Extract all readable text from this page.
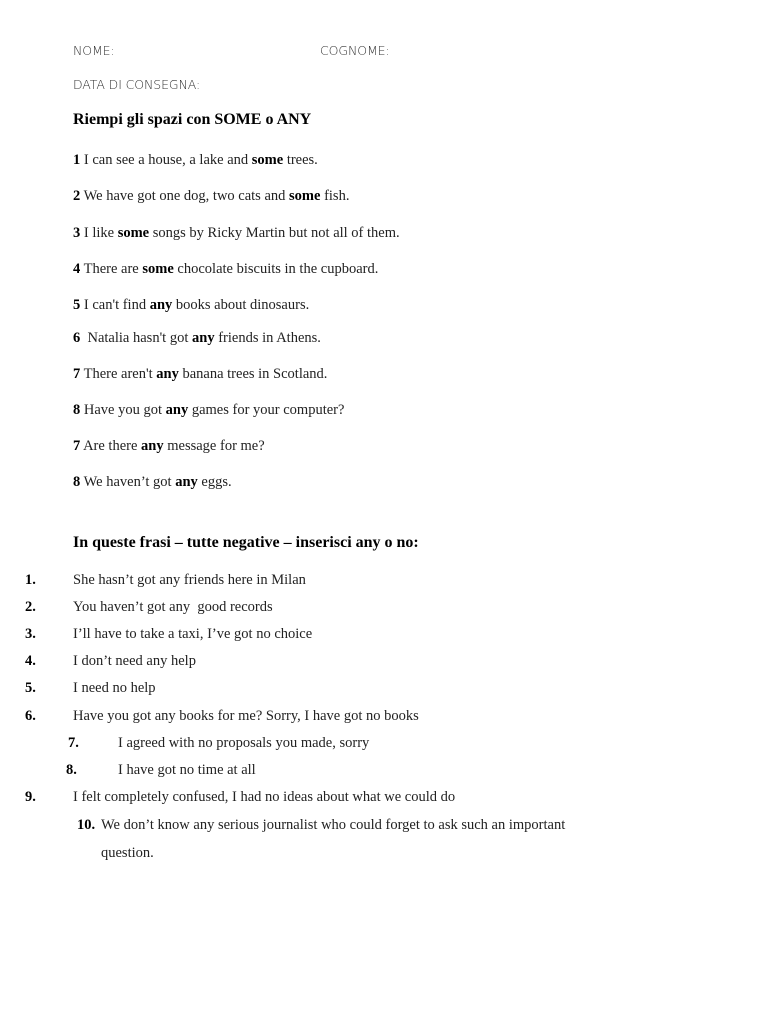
NOME:	COGNOME:
DATA DI CONSEGNA:
Riempi gli spazi con SOME o ANY
1 I can see a house, a lake and some trees.
2 We have got one dog, two cats and some fish.
3 I like some songs by Ricky Martin but not all of them.
4 There are some chocolate biscuits in the cupboard.
5 I can't find any books about dinosaurs.
6  Natalia hasn't got any friends in Athens.
7 There aren't any banana trees in Scotland.
8 Have you got any games for your computer?
7 Are there any message for me?
8 We haven’t got any eggs.
In queste frasi – tutte negative – inserisci any o no:
1.	She hasn’t got any friends here in Milan
2.	You haven’t got any  good records
3.	I’ll have to take a taxi, I’ve got no choice
4.	I don’t need any help
5.	I need no help
6.	Have you got any books for me? Sorry, I have got no books
7.	I agreed with no proposals you made, sorry
8.	I have got no time at all
9.	I felt completely confused, I had no ideas about what we could do
10. We don’t know any serious journalist who could forget to ask such an important
question.
